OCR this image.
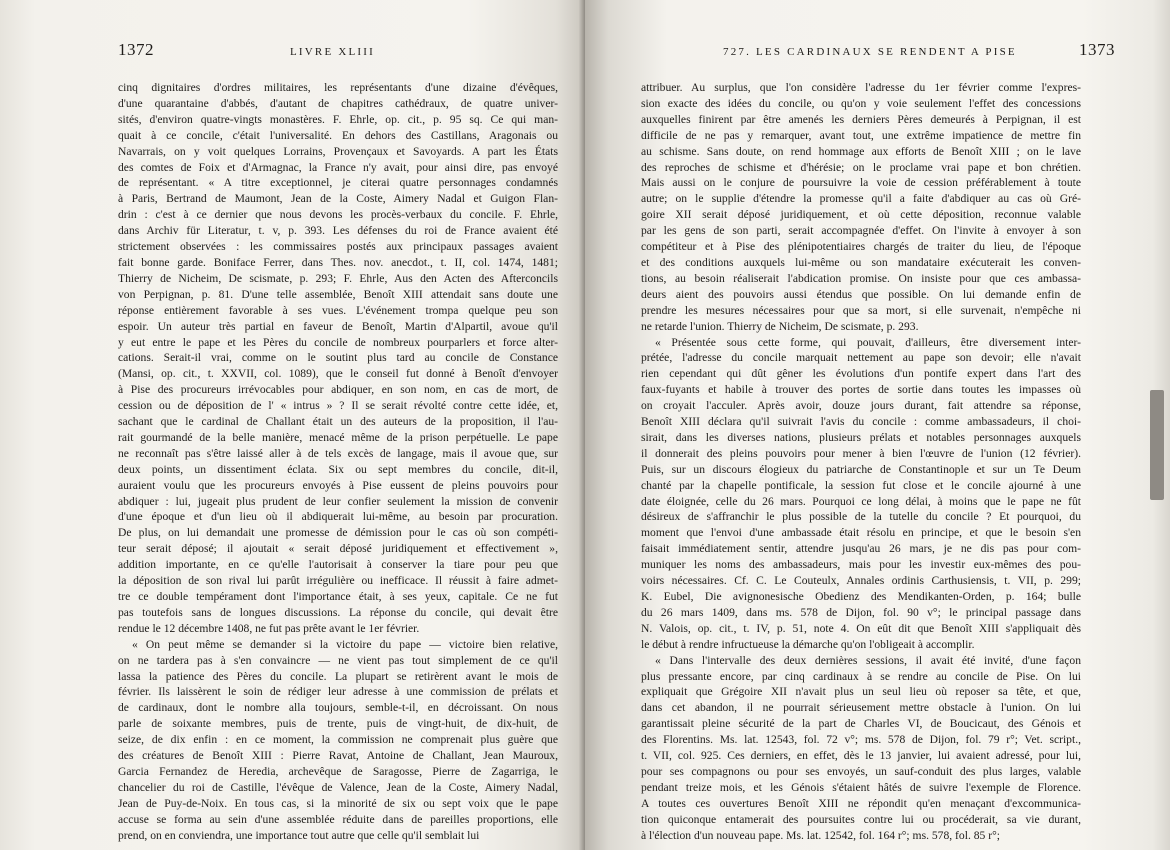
1372	LIVRE XLIII
cinq dignitaires d'ordres militaires, les représentants d'une dizaine d'évêques,
d'une quarantaine d'abbés, d'autant de chapitres cathédraux, de quatre univer-
sités, d'environ quatre-vingts monastères. F. Ehrle, op. cit., p. 95 sq. Ce qui man-
quait à ce concile, c'était l'universalité. En dehors des Castillans, Aragonais ou
Navarrais, on y voit quelques Lorrains, Provençaux et Savoyards. A part les États
des comtes de Foix et d'Armagnac, la France n'y avait, pour ainsi dire, pas envoyé
de représentant. « A titre exceptionnel, je citerai quatre personnages condamnés
à Paris, Bertrand de Maumont, Jean de la Coste, Aimery Nadal et Guigon Flan-
drin : c'est à ce dernier que nous devons les procès-verbaux du concile. F. Ehrle,
dans Archiv für Literatur, t. v, p. 393. Les défenses du roi de France avaient été
strictement observées : les commissaires postés aux principaux passages avaient
fait bonne garde. Boniface Ferrer, dans Thes. nov. anecdot., t. II, col. 1474, 1481;
Thierry de Nicheim, De scismate, p. 293; F. Ehrle, Aus den Acten des Afterconcils
von Perpignan, p. 81. D'une telle assemblée, Benoît XIII attendait sans doute une
réponse entièrement favorable à ses vues. L'événement trompa quelque peu son
espoir. Un auteur très partial en faveur de Benoît, Martin d'Alpartil, avoue qu'il
y eut entre le pape et les Pères du concile de nombreux pourparlers et force alter-
cations. Serait-il vrai, comme on le soutint plus tard au concile de Constance
(Mansi, op. cit., t. XXVII, col. 1089), que le conseil fut donné à Benoît d'envoyer
à Pise des procureurs irrévocables pour abdiquer, en son nom, en cas de mort, de
cession ou de déposition de l' « intrus » ? Il se serait révolté contre cette idée, et,
sachant que le cardinal de Challant était un des auteurs de la proposition, il l'au-
rait gourmandé de la belle manière, menacé même de la prison perpétuelle. Le pape
ne reconnaît pas s'être laissé aller à de tels excès de langage, mais il avoue que, sur
deux points, un dissentiment éclata. Six ou sept membres du concile, dit-il,
auraient voulu que les procureurs envoyés à Pise eussent de pleins pouvoirs pour
abdiquer : lui, jugeait plus prudent de leur confier seulement la mission de convenir
d'une époque et d'un lieu où il abdiquerait lui-même, au besoin par procuration.
De plus, on lui demandait une promesse de démission pour le cas où son compéti-
teur serait déposé; il ajoutait « serait déposé juridiquement et effectivement »,
addition importante, en ce qu'elle l'autorisait à conserver la tiare pour peu que
la déposition de son rival lui parût irrégulière ou inefficace. Il réussit à faire admet-
tre ce double tempérament dont l'importance était, à ses yeux, capitale. Ce ne fut
pas toutefois sans de longues discussions. La réponse du concile, qui devait être
rendue le 12 décembre 1408, ne fut pas prête avant le 1er février.
« On peut même se demander si la victoire du pape — victoire bien relative,
on ne tardera pas à s'en convaincre — ne vient pas tout simplement de ce qu'il
lassa la patience des Pères du concile. La plupart se retirèrent avant le mois de
février. Ils laissèrent le soin de rédiger leur adresse à une commission de prélats et
de cardinaux, dont le nombre alla toujours, semble-t-il, en décroissant. On nous
parle de soixante membres, puis de trente, puis de vingt-huit, de dix-huit, de
seize, de dix enfin : en ce moment, la commission ne comprenait plus guère que
des créatures de Benoît XIII : Pierre Ravat, Antoine de Challant, Jean Mauroux,
Garcia Fernandez de Heredia, archevêque de Saragosse, Pierre de Zagarriga, le
chancelier du roi de Castille, l'évêque de Valence, Jean de la Coste, Aimery Nadal,
Jean de Puy-de-Noix. En tous cas, si la minorité de six ou sept voix que le pape
accuse se forma au sein d'une assemblée réduite dans de pareilles proportions, elle
prend, on en conviendra, une importance tout autre que celle qu'il semblait lui
727. LES CARDINAUX SE RENDENT A PISE	1373
attribuer. Au surplus, que l'on considère l'adresse du 1er février comme l'expres-
sion exacte des idées du concile, ou qu'on y voie seulement l'effet des concessions
auxquelles finirent par être amenés les derniers Pères demeurés à Perpignan, il est
difficile de ne pas y remarquer, avant tout, une extrême impatience de mettre fin
au schisme. Sans doute, on rend hommage aux efforts de Benoît XIII ; on le lave
des reproches de schisme et d'hérésie; on le proclame vrai pape et bon chrétien.
Mais aussi on le conjure de poursuivre la voie de cession préférablement à toute
autre; on le supplie d'étendre la promesse qu'il a faite d'abdiquer au cas où Gré-
goire XII serait déposé juridiquement, et où cette déposition, reconnue valable
par les gens de son parti, serait accompagnée d'effet. On l'invite à envoyer à son
compétiteur et à Pise des plénipotentiaires chargés de traiter du lieu, de l'époque
et des conditions auxquels lui-même ou son mandataire exécuterait les conven-
tions, au besoin réaliserait l'abdication promise. On insiste pour que ces ambassa-
deurs aient des pouvoirs aussi étendus que possible. On lui demande enfin de
prendre les mesures nécessaires pour que sa mort, si elle survenait, n'empêche ni
ne retarde l'union. Thierry de Nicheim, De scismate, p. 293.
« Présentée sous cette forme, qui pouvait, d'ailleurs, être diversement inter-
prétée, l'adresse du concile marquait nettement au pape son devoir; elle n'avait
rien cependant qui dût gêner les évolutions d'un pontife expert dans l'art des
faux-fuyants et habile à trouver des portes de sortie dans toutes les impasses où
on croyait l'acculer. Après avoir, douze jours durant, fait attendre sa réponse,
Benoît XIII déclara qu'il suivrait l'avis du concile : comme ambassadeurs, il choi-
sirait, dans les diverses nations, plusieurs prélats et notables personnages auxquels
il donnerait des pleins pouvoirs pour mener à bien l'œuvre de l'union (12 février).
Puis, sur un discours élogieux du patriarche de Constantinople et sur un Te Deum
chanté par la chapelle pontificale, la session fut close et le concile ajourné à une
date éloignée, celle du 26 mars. Pourquoi ce long délai, à moins que le pape ne fût
désireux de s'affranchir le plus possible de la tutelle du concile ? Et pourquoi, du
moment que l'envoi d'une ambassade était résolu en principe, et que le besoin s'en
faisait immédiatement sentir, attendre jusqu'au 26 mars, je ne dis pas pour com-
muniquer les noms des ambassadeurs, mais pour les investir eux-mêmes des pou-
voirs nécessaires. Cf. C. Le Couteulx, Annales ordinis Carthusiensis, t. VII, p. 299;
K. Eubel, Die avignonesische Obedienz des Mendikanten-Orden, p. 164; bulle
du 26 mars 1409, dans ms. 578 de Dijon, fol. 90 v°; le principal passage dans
N. Valois, op. cit., t. IV, p. 51, note 4. On eût dit que Benoît XIII s'appliquait dès
le début à rendre infructueuse la démarche qu'on l'obligeait à accomplir.
« Dans l'intervalle des deux dernières sessions, il avait été invité, d'une façon
plus pressante encore, par cinq cardinaux à se rendre au concile de Pise. On lui
expliquait que Grégoire XII n'avait plus un seul lieu où reposer sa tête, et que,
dans cet abandon, il ne pourrait sérieusement mettre obstacle à l'union. On lui
garantissait pleine sécurité de la part de Charles VI, de Boucicaut, des Génois et
des Florentins. Ms. lat. 12543, fol. 72 v°; ms. 578 de Dijon, fol. 79 r°; Vet. script.,
t. VII, col. 925. Ces derniers, en effet, dès le 13 janvier, lui avaient adressé, pour lui,
pour ses compagnons ou pour ses envoyés, un sauf-conduit des plus larges, valable
pendant treize mois, et les Génois s'étaient hâtés de suivre l'exemple de Florence.
A toutes ces ouvertures Benoît XIII ne répondit qu'en menaçant d'excommunica-
tion quiconque entamerait des poursuites contre lui ou procéderait, sa vie durant,
à l'élection d'un nouveau pape. Ms. lat. 12542, fol. 164 r°; ms. 578, fol. 85 r°;
